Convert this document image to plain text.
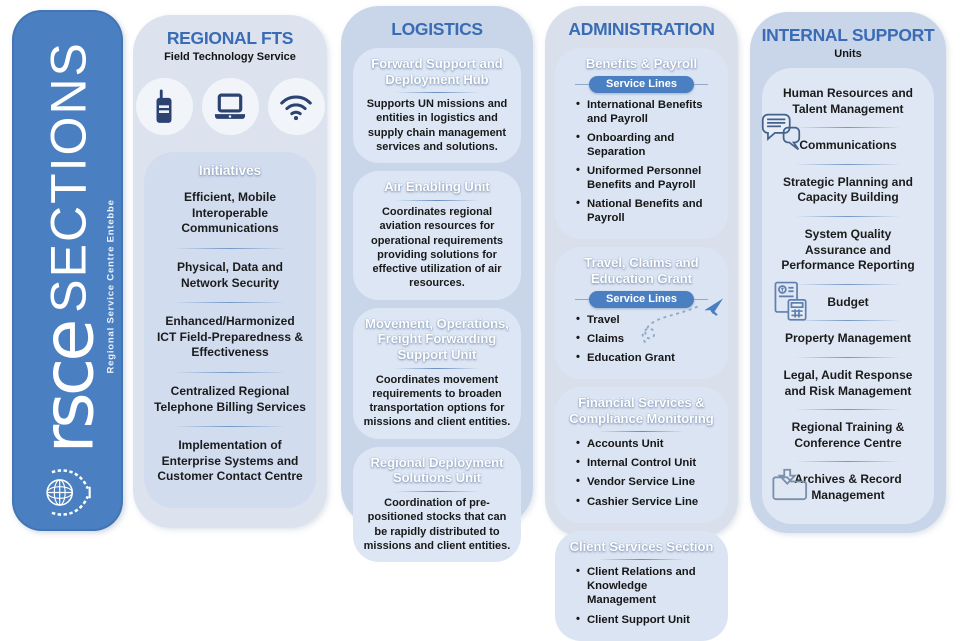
rsce
SECTIONS Regional Service Centre Entebbe
REGIONAL FTS
Field Technology Service
Initiatives
Efficient, Mobile Interoperable Communications
Physical, Data and Network Security
Enhanced/Harmonized ICT Field-Preparedness & Effectiveness
Centralized Regional Telephone Billing Services
Implementation of Enterprise Systems and Customer Contact Centre
LOGISTICS
Forward Support and Deployment Hub
Supports UN missions and entities in logistics and supply chain management services and solutions.
Air Enabling Unit
Coordinates regional aviation resources for operational requirements providing solutions for effective utilization of air resources.
Movement, Operations, Freight Forwarding Support Unit
Coordinates movement requirements to broaden transportation options for missions and client entities.
Regional Deployment Solutions Unit
Coordination of pre-positioned stocks that can be rapidly distributed to missions and client entities.
ADMINISTRATION
Benefits & Payroll
Service Lines
• International Benefits and Payroll
• Onboarding and Separation
• Uniformed Personnel Benefits and Payroll
• National Benefits and Payroll
Travel, Claims and Education Grant
Service Lines
• Travel
• Claims
• Education Grant
Financial Services & Compliance Monitoring
• Accounts Unit
• Internal Control Unit
• Vendor Service Line
• Cashier Service Line
Client Services Section
• Client Relations and Knowledge Management
• Client Support Unit
INTERNAL SUPPORT
Units
Human Resources and Talent Management
Communications
Strategic Planning and Capacity Building
System Quality Assurance and Performance Reporting
Budget
Property Management
Legal, Audit Response and Risk Management
Regional Training & Conference Centre
Archives & Record Management
